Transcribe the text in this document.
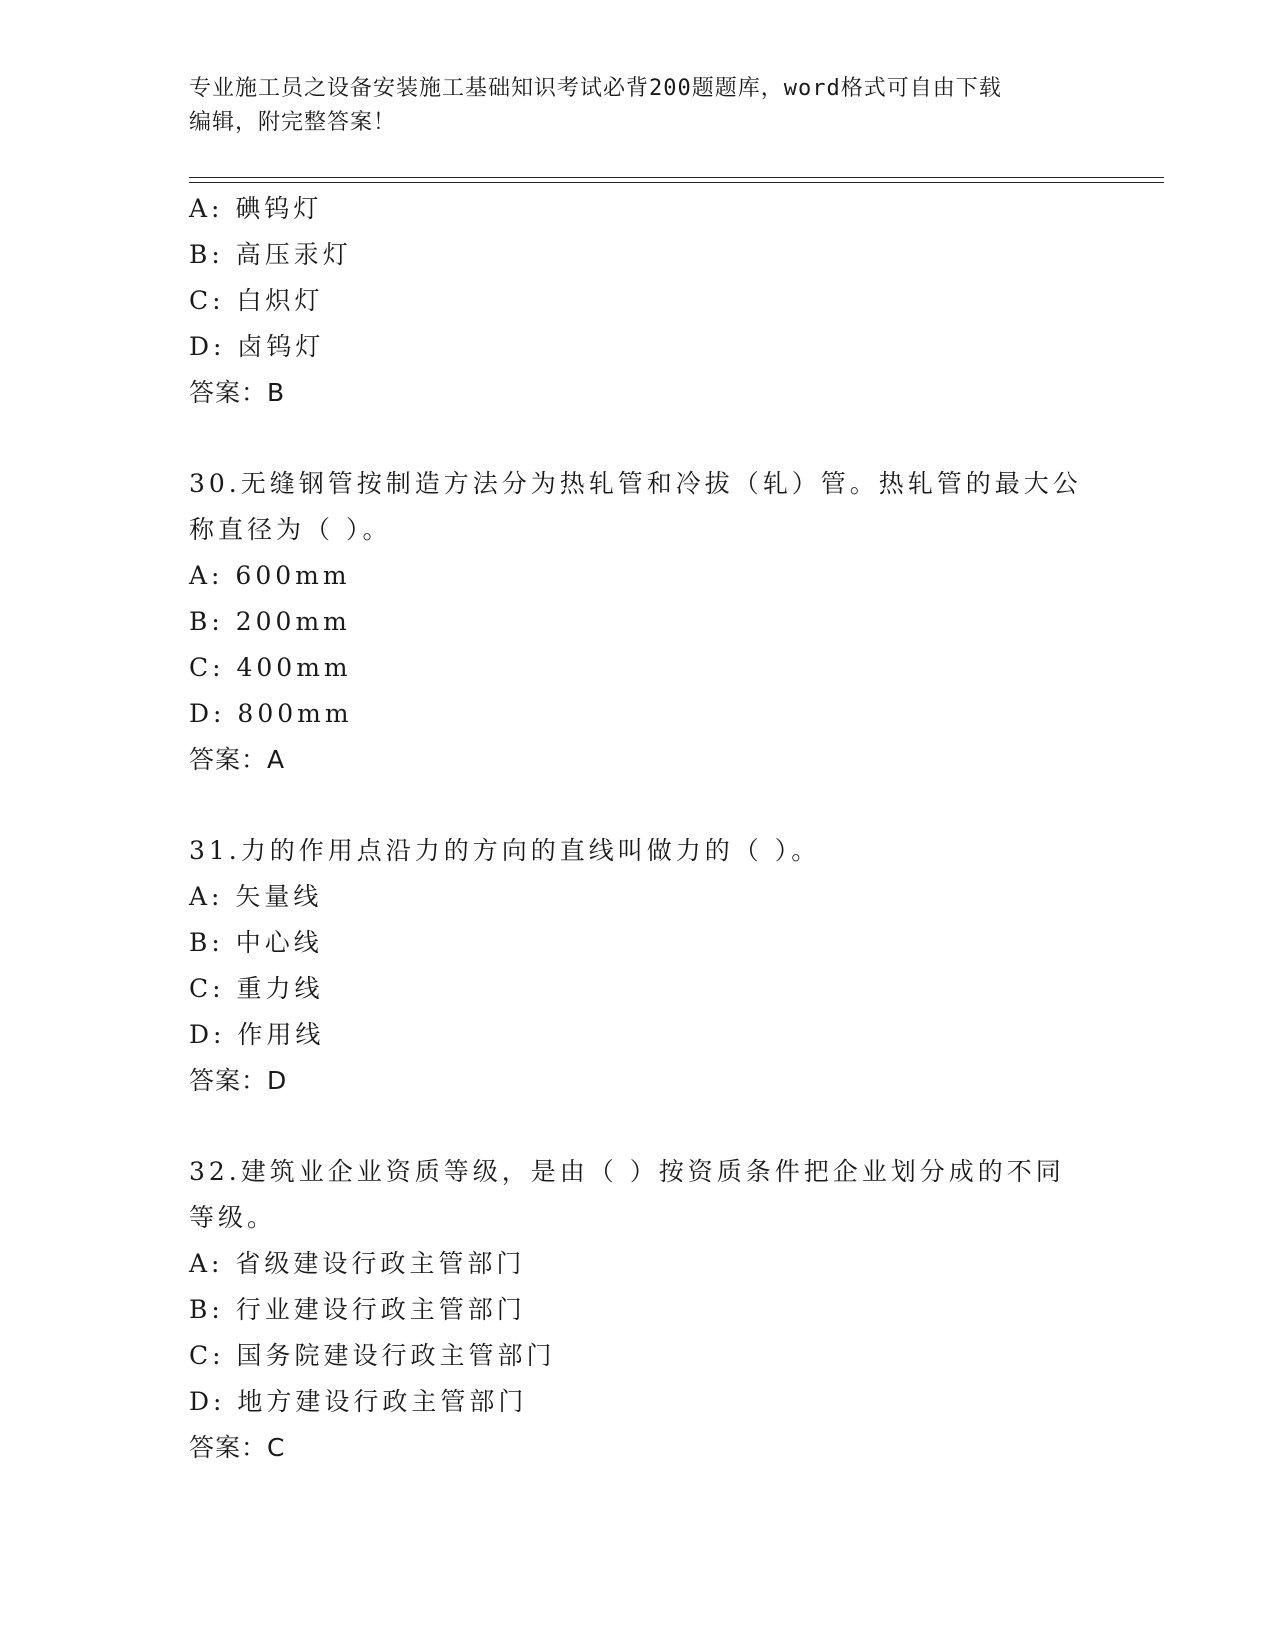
专业施工员之设备安装施工基础知识考试必背200题题库，word格式可自由下载
编辑，附完整答案！
A: 碘钨灯
B: 高压汞灯
C: 白炽灯
D: 卤钨灯
答案：B
30.无缝钢管按制造方法分为热轧管和冷拔（轧）管。热轧管的最大公
称直径为（ ）。
A: 600mm
B: 200mm
C: 400mm
D: 800mm
答案：A
31.力的作用点沿力的方向的直线叫做力的（ ）。
A: 矢量线
B: 中心线
C: 重力线
D: 作用线
答案：D
32.建筑业企业资质等级，是由（ ）按资质条件把企业划分成的不同
等级。
A: 省级建设行政主管部门
B: 行业建设行政主管部门
C: 国务院建设行政主管部门
D: 地方建设行政主管部门
答案：C
